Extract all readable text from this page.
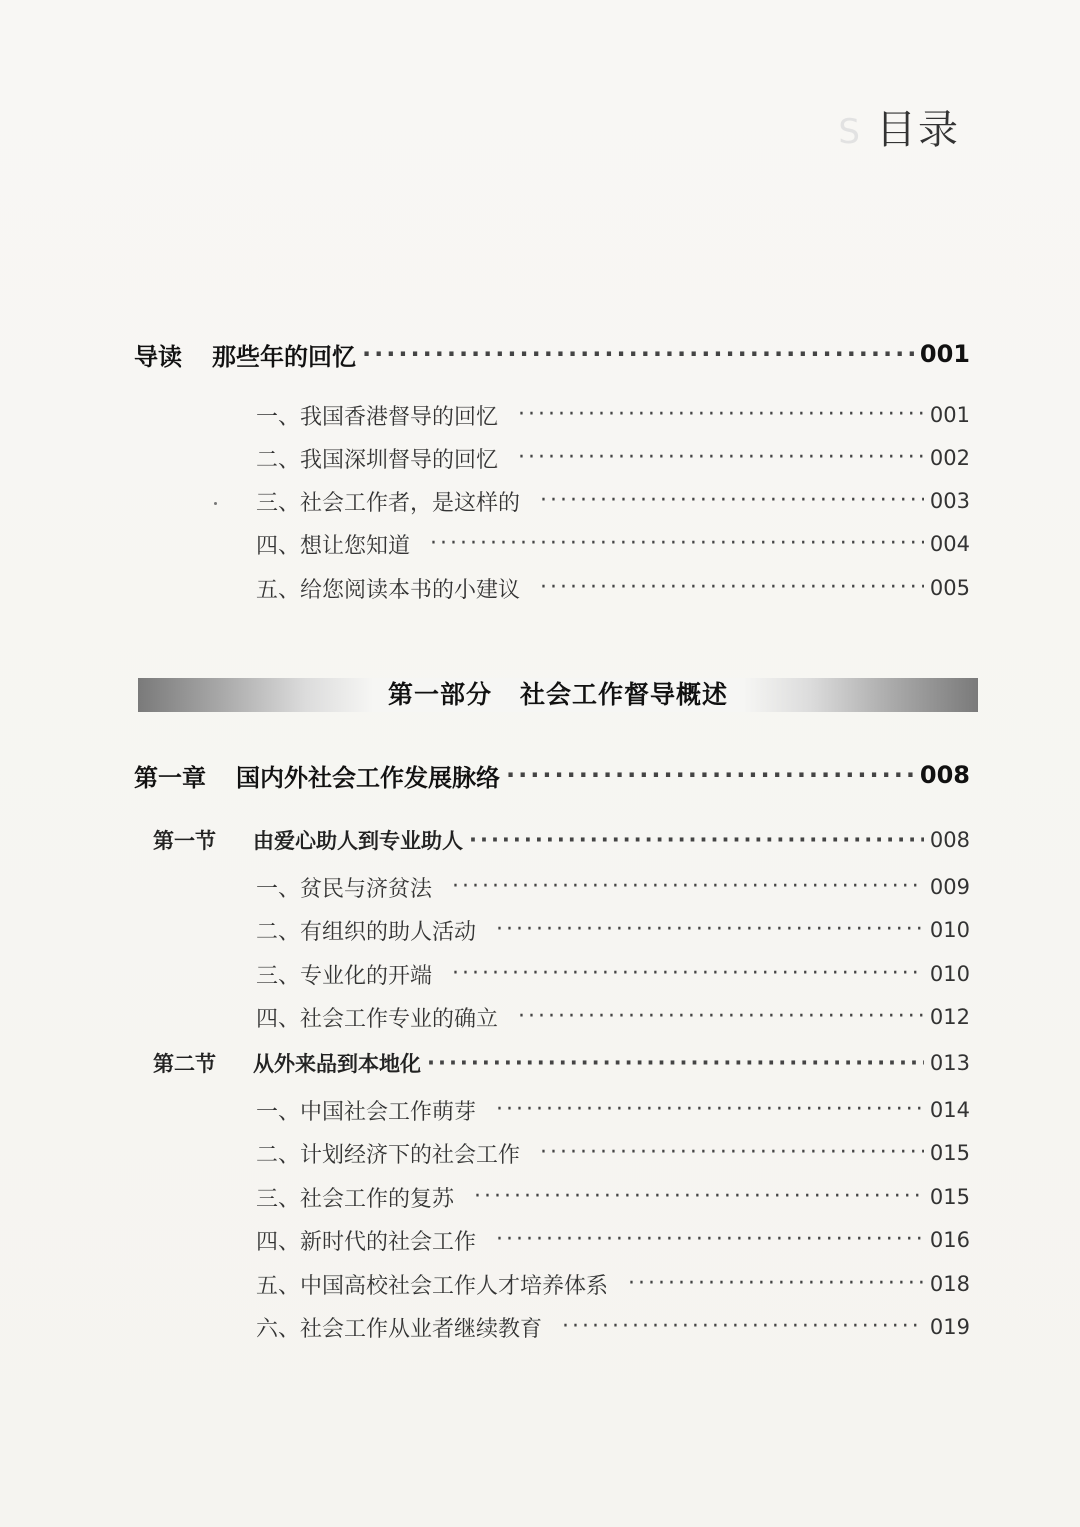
S 目录
导读 那些年的回忆 ·····	001
一、我国香港督导的回忆 ·····	001
二、我国深圳督导的回忆 ·····	002
三、社会工作者，是这样的 ·····	003
四、想让您知道 ·····	004
五、给您阅读本书的小建议 ·····	005
第一部分 社会工作督导概述
第一章 国内外社会工作发展脉络 ·····	008
第一节 由爱心助人到专业助人 ·····	008
一、贫民与济贫法 ·····	009
二、有组织的助人活动 ·····	010
三、专业化的开端 ·····	010
四、社会工作专业的确立 ·····	012
第二节 从外来品到本地化 ·····	013
一、中国社会工作萌芽 ·····	014
二、计划经济下的社会工作 ·····	015
三、社会工作的复苏 ·····	015
四、新时代的社会工作 ·····	016
五、中国高校社会工作人才培养体系 ·····	018
六、社会工作从业者继续教育 ·····	019
